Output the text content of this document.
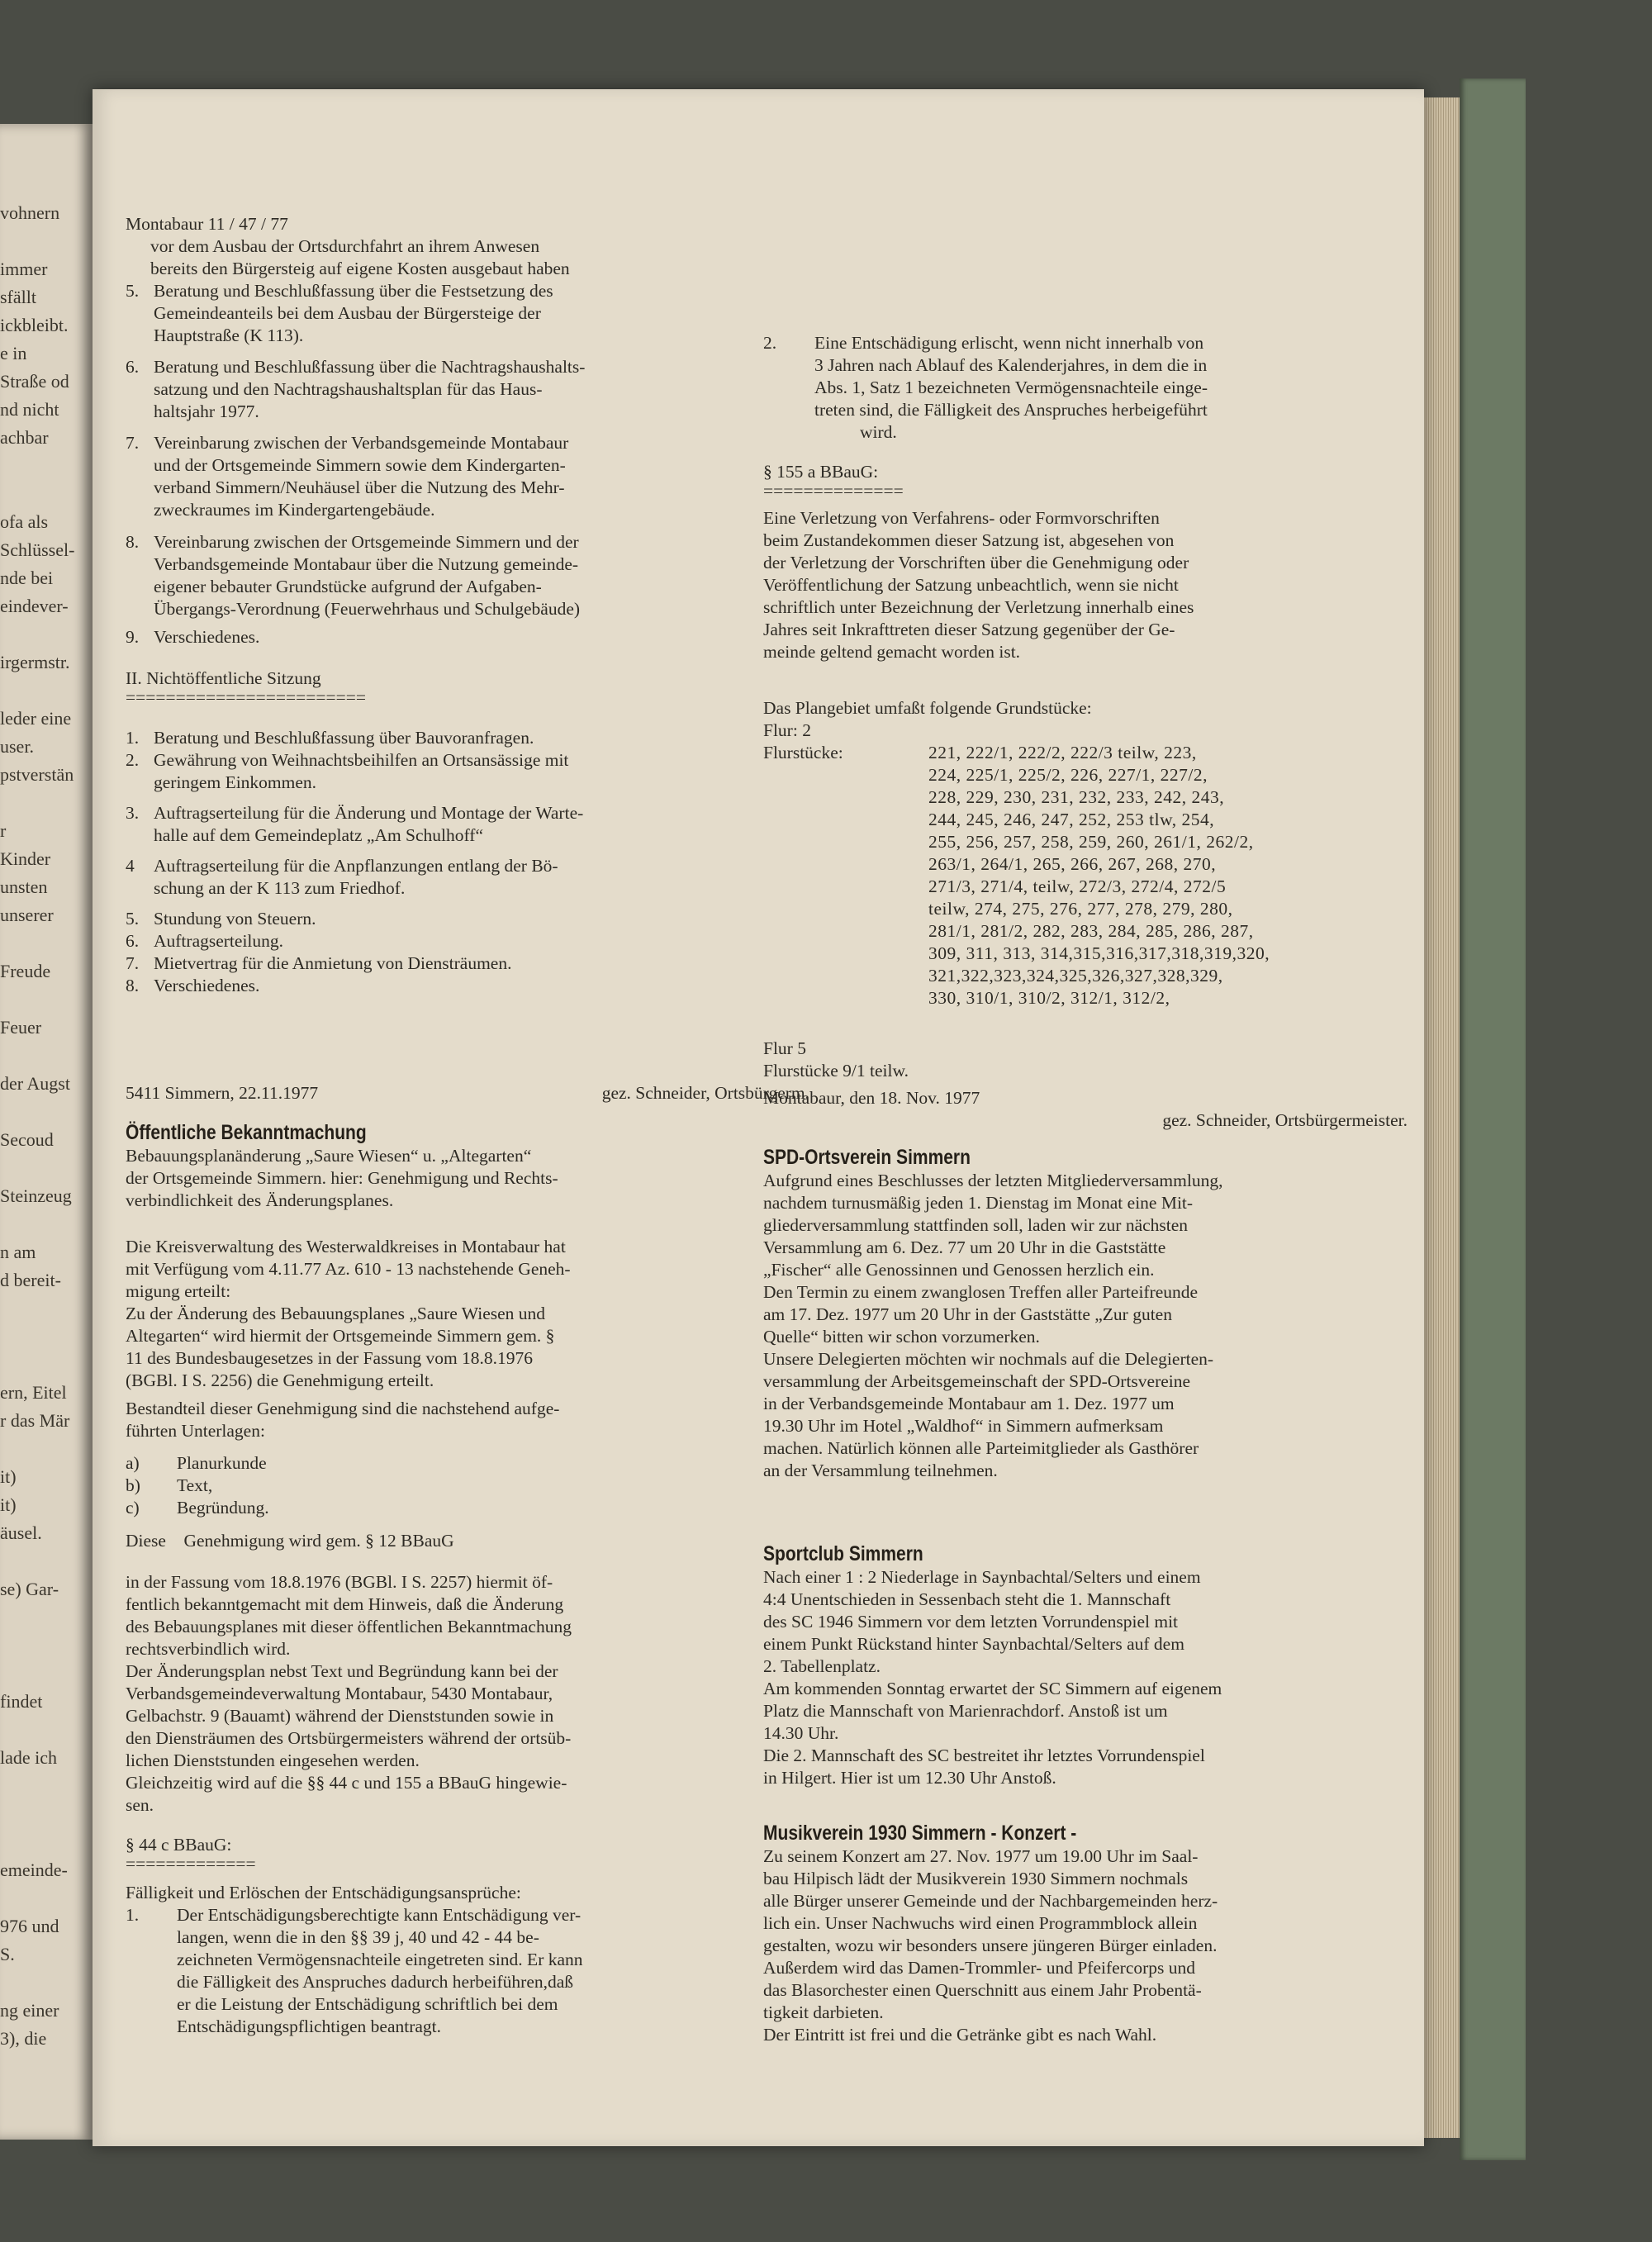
vohnern
immer
sfällt
ickbleibt.
e in
Straße od
nd nicht
achbar
ofa als
Schlüssel-
nde bei
eindever-
irgermstr.
leder eine
user.
pstverstän
r
Kinder
unsten
unserer
Freude
Feuer
der Augst
Secoud
Steinzeug
n am
d bereit-
ern, Eitel
r das Mär
it)
it)
äusel.
se) Gar-
findet
lade ich
emeinde-
976 und
S.
ng einer
3), die
Montabaur 11 / 47 / 77
vor dem Ausbau der Ortsdurchfahrt an ihrem Anwesen
bereits den Bürgersteig auf eigene Kosten ausgebaut haben
5. Beratung und Beschlußfassung über die Festsetzung des
Gemeindeanteils bei dem Ausbau der Bürgersteige der
Hauptstraße (K 113).
6. Beratung und Beschlußfassung über die Nachtragshaushalts-
satzung und den Nachtragshaushaltsplan für das Haus-
haltsjahr 1977.
7. Vereinbarung zwischen der Verbandsgemeinde Montabaur
und der Ortsgemeinde Simmern sowie dem Kindergarten-
verband Simmern/Neuhäusel über die Nutzung des Mehr-
zweckraumes im Kindergartengebäude.
8. Vereinbarung zwischen der Ortsgemeinde Simmern und der
Verbandsgemeinde Montabaur über die Nutzung gemeinde-
eigener bebauter Grundstücke aufgrund der Aufgaben-
Übergangs-Verordnung (Feuerwehrhaus und Schulgebäude)
9. Verschiedenes.
II. Nichtöffentliche Sitzung
========================
1. Beratung und Beschlußfassung über Bauvoranfragen.
2. Gewährung von Weihnachtsbeihilfen an Ortsansässige mit
geringem Einkommen.
3. Auftragserteilung für die Änderung und Montage der Warte-
halle auf dem Gemeindeplatz „Am Schulhoff“
4	Auftragserteilung für die Anpflanzungen entlang der Bö-
schung an der K 113 zum Friedhof.
5. Stundung von Steuern.
6. Auftragserteilung.
7. Mietvertrag für die Anmietung von Diensträumen.
8. Verschiedenes.
5411 Simmern, 22.11.1977	gez. Schneider, Ortsbürgerm.
Öffentliche Bekanntmachung
Bebauungsplanänderung „Saure Wiesen“ u. „Altegarten“
der Ortsgemeinde Simmern. hier: Genehmigung und Rechts-
verbindlichkeit des Änderungsplanes.
Die Kreisverwaltung des Westerwaldkreises in Montabaur hat
mit Verfügung vom 4.11.77 Az. 610 - 13 nachstehende Geneh-
migung erteilt:
Zu der Änderung des Bebauungsplanes „Saure Wiesen und
Altegarten“ wird hiermit der Ortsgemeinde Simmern gem. §
11 des Bundesbaugesetzes in der Fassung vom 18.8.1976
(BGBl. I S. 2256) die Genehmigung erteilt.
Bestandteil dieser Genehmigung sind die nachstehend aufge-
führten Unterlagen:
a)	Planurkunde
b)	Text,
c)	Begründung.
Diese    Genehmigung wird gem. § 12 BBauG
in der Fassung vom 18.8.1976 (BGBl. I S. 2257) hiermit öf-
fentlich bekanntgemacht mit dem Hinweis, daß die Änderung
des Bebauungsplanes mit dieser öffentlichen Bekanntmachung
rechtsverbindlich wird.
Der Änderungsplan nebst Text und Begründung kann bei der
Verbandsgemeindeverwaltung Montabaur, 5430 Montabaur,
Gelbachstr. 9 (Bauamt) während der Dienststunden sowie in
den Diensträumen des Ortsbürgermeisters während der ortsüb-
lichen Dienststunden eingesehen werden.
Gleichzeitig wird auf die §§ 44 c und 155 a BBauG hingewie-
sen.
§ 44 c BBauG:
=============
Fälligkeit und Erlöschen der Entschädigungsansprüche:
1.	Der Entschädigungsberechtigte kann Entschädigung ver-
langen, wenn die in den §§ 39 j, 40 und 42 - 44 be-
zeichneten Vermögensnachteile eingetreten sind. Er kann
die Fälligkeit des Anspruches dadurch herbeiführen,daß
er die Leistung der Entschädigung schriftlich bei dem
Entschädigungspflichtigen beantragt.
2.	Eine Entschädigung erlischt, wenn nicht innerhalb von
3 Jahren nach Ablauf des Kalenderjahres, in dem die in
Abs. 1, Satz 1 bezeichneten Vermögensnachteile einge-
treten sind, die Fälligkeit des Anspruches herbeigeführt
wird.
§ 155 a BBauG:
==============
Eine Verletzung von Verfahrens- oder Formvorschriften
beim Zustandekommen dieser Satzung ist, abgesehen von
der Verletzung der Vorschriften über die Genehmigung oder
Veröffentlichung der Satzung unbeachtlich, wenn sie nicht
schriftlich unter Bezeichnung der Verletzung innerhalb eines
Jahres seit Inkrafttreten dieser Satzung gegenüber der Ge-
meinde geltend gemacht worden ist.
Das Plangebiet umfaßt folgende Grundstücke:
Flur: 2
Flurstücke:	221, 222/1, 222/2, 222/3 teilw, 223,
224, 225/1, 225/2, 226, 227/1, 227/2,
228, 229, 230, 231, 232, 233, 242, 243,
244, 245, 246, 247, 252, 253 tlw, 254,
255, 256, 257, 258, 259, 260, 261/1, 262/2,
263/1, 264/1, 265, 266, 267, 268, 270,
271/3, 271/4, teilw, 272/3, 272/4, 272/5
teilw, 274, 275, 276, 277, 278, 279, 280,
281/1, 281/2, 282, 283, 284, 285, 286, 287,
309, 311, 313, 314,315,316,317,318,319,320,
321,322,323,324,325,326,327,328,329,
330, 310/1, 310/2, 312/1, 312/2,
Flur 5
Flurstücke 9/1 teilw.
Montabaur, den 18. Nov. 1977
gez. Schneider, Ortsbürgermeister.
SPD-Ortsverein Simmern
Aufgrund eines Beschlusses der letzten Mitgliederversammlung,
nachdem turnusmäßig jeden 1. Dienstag im Monat eine Mit-
gliederversammlung stattfinden soll, laden wir zur nächsten
Versammlung am 6. Dez. 77 um 20 Uhr in die Gaststätte
„Fischer“ alle Genossinnen und Genossen herzlich ein.
Den Termin zu einem zwanglosen Treffen aller Parteifreunde
am 17. Dez. 1977 um 20 Uhr in der Gaststätte „Zur guten
Quelle“ bitten wir schon vorzumerken.
Unsere Delegierten möchten wir nochmals auf die Delegierten-
versammlung der Arbeitsgemeinschaft der SPD-Ortsvereine
in der Verbandsgemeinde Montabaur am 1. Dez. 1977 um
19.30 Uhr im Hotel „Waldhof“ in Simmern aufmerksam
machen. Natürlich können alle Parteimitglieder als Gasthörer
an der Versammlung teilnehmen.
Sportclub Simmern
Nach einer 1 : 2 Niederlage in Saynbachtal/Selters und einem
4:4 Unentschieden in Sessenbach steht die 1. Mannschaft
des SC 1946 Simmern vor dem letzten Vorrundenspiel mit
einem Punkt Rückstand hinter Saynbachtal/Selters auf dem
2. Tabellenplatz.
Am kommenden Sonntag erwartet der SC Simmern auf eigenem
Platz die Mannschaft von Marienrachdorf. Anstoß ist um
14.30 Uhr.
Die 2. Mannschaft des SC bestreitet ihr letztes Vorrundenspiel
in Hilgert. Hier ist um 12.30 Uhr Anstoß.
Musikverein 1930 Simmern - Konzert -
Zu seinem Konzert am 27. Nov. 1977 um 19.00 Uhr im Saal-
bau Hilpisch lädt der Musikverein 1930 Simmern nochmals
alle Bürger unserer Gemeinde und der Nachbargemeinden herz-
lich ein. Unser Nachwuchs wird einen Programmblock allein
gestalten, wozu wir besonders unsere jüngeren Bürger einladen.
Außerdem wird das Damen-Trommler- und Pfeifercorps und
das Blasorchester einen Querschnitt aus einem Jahr Probentä-
tigkeit darbieten.
Der Eintritt ist frei und die Getränke gibt es nach Wahl.
